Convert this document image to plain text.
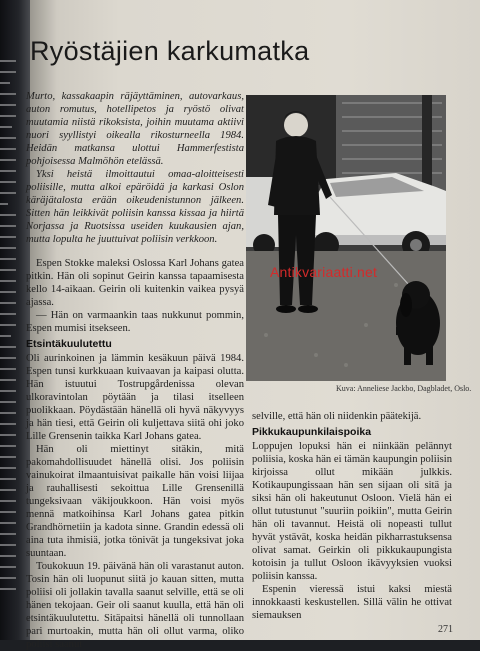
Ryöstäjien karkumatka

Murto, kassakaapin räjäyttäminen, autovarkaus, auton romutus, hotellipetos ja ryöstö olivat muutamia niistä rikoksista, joihin muutama aktiivi nuori syyllistyi oikealla rikosturneella 1984. Heidän matkansa ulottui Hammerfestista pohjoisessa Malmöhön etelässä.

Yksi heistä ilmoittautui omaa-aloitteisesti poliisille, mutta alkoi epäröidä ja karkasi Oslon käräjätalosta erään oikeudenistunnon jälkeen. Sitten hän leikkivät poliisin kanssa kissaa ja hiirtä Norjassa ja Ruotsissa useiden kuukausien ajan, mutta lopulta he juuttuivat poliisin verkkoon.

Espen Stokke maleksi Oslossa Karl Johans gatea pitkin. Hän oli sopinut Geirin kanssa tapaamisesta kello 14-aikaan. Geirin oli kuitenkin vaikea pysyä ajassa.

— Hän on varmaankin taas nukkunut pommin, Espen mumisi itsekseen.

Etsintäkuulutettu

Oli aurinkoinen ja lämmin kesäkuun päivä 1984. Espen tunsi kurkkuaan kuivaavan ja kaipasi olutta. Hän istuutui Tostrupgårdenissa olevan ulkoravintolan pöytään ja tilasi itselleen puolikkaan. Pöydästään hänellä oli hyvä näkyvyys ja hän tiesi, että Geirin oli kuljettava siitä ohi joko Lille Grensenin taikka Karl Johans gatea.

Hän oli miettinyt sitäkin, mitä pakomahdollisuudet hänellä olisi. Jos poliisin vainukoirat ilmaantuisivat paikalle hän voisi liijaa ja rauhallisesti sekoittua Lille Grensenillä tungeksivaan väkijoukkoon. Hän voisi myös mennä matkoihinsa Karl Johans gatea pitkin Grandhörnetiin ja kadota sinne. Grandin edessä oli aina tuta ihmisiä, jotka tönivät ja tungeksivat joka suuntaan.

Toukokuun 19. päivänä hän oli varastanut auton. Tosin hän oli luopunut siitä jo kauan sitten, mutta poliisi oli jollakin tavalla saanut selville, että se oli hänen tekojaan. Geir oli saanut kuulla, että hän oli etsintäkuulutettu. Sitäpaitsi hänellä oli tunnollaan pari murtoakin, mutta hän oli ollut varma, oliko poliisi saanut

Antikvariaatti.net
Kuva: Anneliese Jackbo, Dagbladet, Oslo.

selville, että hän oli niidenkin päätekijä.

Pikkukaupunkilaispoika

Loppujen lopuksi hän ei niinkään pelännyt poliisia, koska hän ei tämän kaupungin poliisin kirjoissa ollut mikään julkkis. Kotikaupungissaan hän sen sijaan oli sitä ja siksi hän oli hakeutunut Osloon. Vielä hän ei ollut tutustunut "suuriin poikiin", mutta Geirin hän oli tavannut. Heistä oli nopeasti tullut hyvät ystävät, koska heidän pikharrastuksensa olivat samat. Geirkin oli pikkukaupungista kotoisin ja tullut Osloon ikävyyksien vuoksi poliisin kanssa.

Espenin vieressä istui kaksi miestä innokkaasti keskustellen. Sillä välin he ottivat siemauksen

271
